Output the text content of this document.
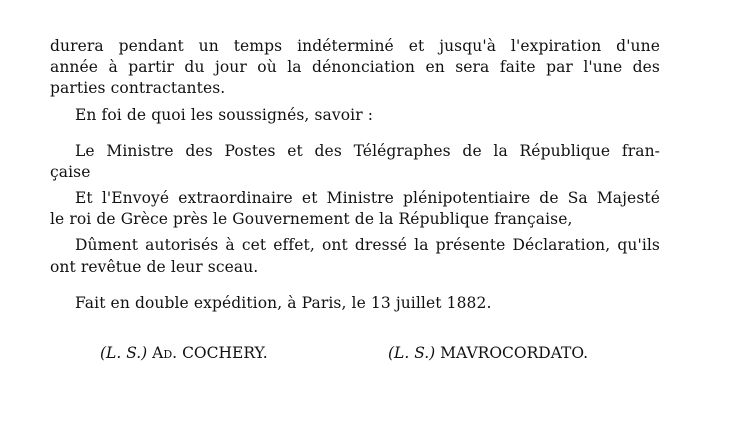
durera pendant un temps indéterminé et jusqu'à l'expiration d'une
année à partir du jour où la dénonciation en sera faite par l'une des
parties contractantes.
En foi de quoi les soussignés, savoir :
Le Ministre des Postes et des Télégraphes de la République fran-
çaise
Et l'Envoyé extraordinaire et Ministre plénipotentiaire de Sa Majesté
le roi de Grèce près le Gouvernement de la République française,
Dûment autorisés à cet effet, ont dressé la présente Déclaration, qu'ils
ont revêtue de leur sceau.
Fait en double expédition, à Paris, le 13 juillet 1882.
(L. S.) Ad. COCHERY.	(L. S.) MAVROCORDATO.
